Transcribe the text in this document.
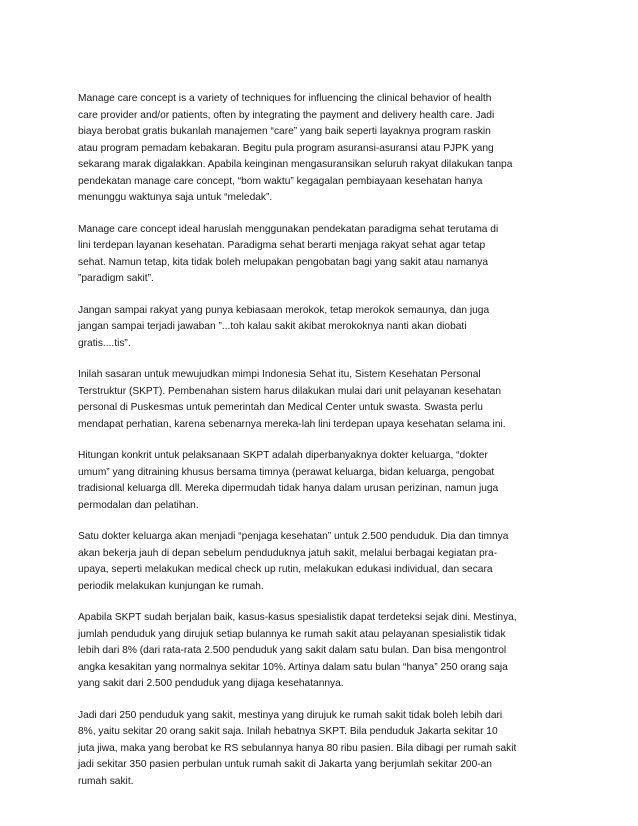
Manage care concept is a variety of techniques for influencing the clinical behavior of health
care provider and/or patients, often by integrating the payment and delivery health care. Jadi
biaya berobat gratis bukanlah manajemen “care” yang baik seperti layaknya program raskin
atau program pemadam kebakaran. Begitu pula program asuransi-asuransi atau PJPK yang
sekarang marak digalakkan. Apabila keinginan mengasuransikan seluruh rakyat dilakukan tanpa
pendekatan manage care concept, “bom waktu” kegagalan pembiayaan kesehatan hanya
menunggu waktunya saja untuk “meledak”.

Manage care concept ideal haruslah menggunakan pendekatan paradigma sehat terutama di
lini terdepan layanan kesehatan. Paradigma sehat berarti menjaga rakyat sehat agar tetap
sehat. Namun tetap, kita tidak boleh melupakan pengobatan bagi yang sakit atau namanya
”paradigm sakit”.

Jangan sampai rakyat yang punya kebiasaan merokok, tetap merokok semaunya, dan juga
jangan sampai terjadi jawaban ”...toh kalau sakit akibat merokoknya nanti akan diobati
gratis....tis”.

Inilah sasaran untuk mewujudkan mimpi Indonesia Sehat itu, Sistem Kesehatan Personal
Terstruktur (SKPT). Pembenahan sistem harus dilakukan mulai dari unit pelayanan kesehatan
personal di Puskesmas untuk pemerintah dan Medical Center untuk swasta. Swasta perlu
mendapat perhatian, karena sebenarnya mereka-lah lini terdepan upaya kesehatan selama ini.

Hitungan konkrit untuk pelaksanaan SKPT adalah diperbanyaknya dokter keluarga, “dokter
umum” yang ditraining khusus bersama timnya (perawat keluarga, bidan keluarga, pengobat
tradisional keluarga dll. Mereka dipermudah tidak hanya dalam urusan perizinan, namun juga
permodalan dan pelatihan.

Satu dokter keluarga akan menjadi “penjaga kesehatan” untuk 2.500 penduduk. Dia dan timnya
akan bekerja jauh di depan sebelum penduduknya jatuh sakit, melalui berbagai kegiatan pra-
upaya, seperti melakukan medical check up rutin, melakukan edukasi individual, dan secara
periodik melakukan kunjungan ke rumah.

Apabila SKPT sudah berjalan baik, kasus-kasus spesialistik dapat terdeteksi sejak dini. Mestinya,
jumlah penduduk yang dirujuk setiap bulannya ke rumah sakit atau pelayanan spesialistik tidak
lebih dari 8% (dari rata-rata 2.500 penduduk yang sakit dalam satu bulan. Dan bisa mengontrol
angka kesakitan yang normalnya sekitar 10%. Artinya dalam satu bulan “hanya” 250 orang saja
yang sakit dari 2.500 penduduk yang dijaga kesehatannya.

Jadi dari 250 penduduk yang sakit, mestinya yang dirujuk ke rumah sakit tidak boleh lebih dari
8%, yaitu sekitar 20 orang sakit saja. Inilah hebatnya SKPT. Bila penduduk Jakarta sekitar 10
juta jiwa, maka yang berobat ke RS sebulannya hanya 80 ribu pasien. Bila dibagi per rumah sakit
jadi sekitar 350 pasien perbulan untuk rumah sakit di Jakarta yang berjumlah sekitar 200-an
rumah sakit.
